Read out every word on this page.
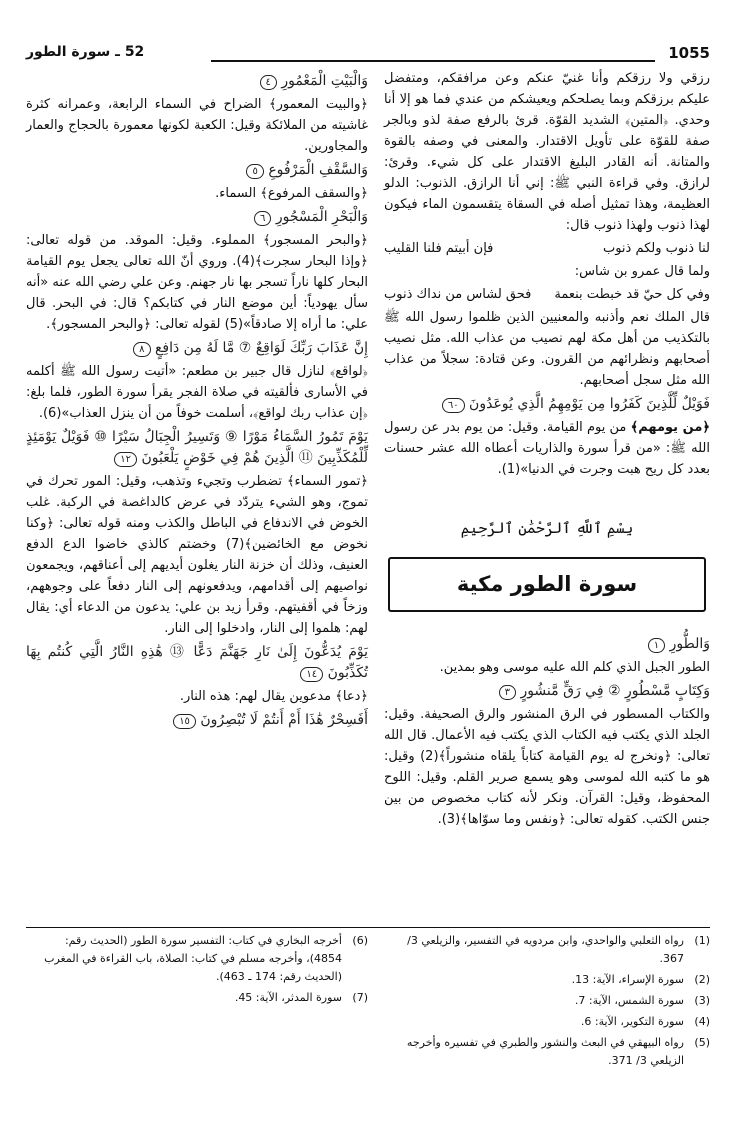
1055
52 ـ سورة الطور

رزقي ولا رزقكم وأنا غنيّ عنكم وعن مرافقكم، ومتفضل عليكم برزقكم وبما يصلحكم ويعيشكم من عندي فما هو إلا أنا وحدي. ﴿المتين﴾ الشديد القوّة. قرئ بالرفع صفة لذو وبالجر صفة للقوّة على تأويل الاقتدار. والمعنى في وصفه بالقوة والمتانة. أنه القادر البليغ الاقتدار على كل شيء. وقرئ: لرازق. وفي قراءة النبي ﷺ: إني أنا الرازق. الذنوب: الدلو العظيمة، وهذا تمثيل أصله في السقاة يتقسمون الماء فيكون لهذا ذنوب ولهذا ذنوب قال:

لنا ذنوب ولكم ذنوب
فإن أبيتم فلنا القليب

ولما قال عمرو بن شاس:

وفي كل حيّ قد خبطت بنعمة
فحق لشاس من نداك ذنوب

قال الملك نعم وأذنبه والمعنيين الذين ظلموا رسول الله ﷺ بالتكذيب من أهل مكة لهم نصيب من عذاب الله. مثل نصيب أصحابهم ونظرائهم من القرون. وعن قتادة: سجلاً من عذاب الله مثل سجل أصحابهم.

فَوَيْلٌ لِّلَّذِينَ كَفَرُوا مِن يَوْمِهِمُ الَّذِي يُوعَدُونَ ٦٠

﴿من يومهم﴾ من يوم القيامة. وقيل: من يوم بدر عن رسول الله ﷺ: «من قرأ سورة والذاريات أعطاه الله عشر حسنات بعدد كل ريح هبت وجرت في الدنيا»(1).

بِسْمِ ٱللَّهِ ٱلرَّحْمَٰنِ ٱلرَّحِيمِ
سورة الطور مكية
وَالطُّورِ ١

الطور الجبل الذي كلم الله عليه موسى وهو بمدين.

وَكِتَابٍ مَّسْطُورٍ ② فِي رَقٍّ مَّنشُورٍ ٣

والكتاب المسطور في الرق المنشور والرق الصحيفة. وقيل: الجلد الذي يكتب فيه الكتاب الذي يكتب فيه الأعمال. قال الله تعالى: ﴿ونخرج له يوم القيامة كتاباً يلقاه منشوراً﴾(2) وقيل: هو ما كتبه الله لموسى وهو يسمع صرير القلم. وقيل: اللوح المحفوظ، وقيل: القرآن. ونكر لأنه كتاب مخصوص من بين جنس الكتب. كقوله تعالى: ﴿ونفس وما سوّاها﴾(3).

وَالْبَيْتِ الْمَعْمُورِ ٤

﴿والبيت المعمور﴾ الضراح في السماء الرابعة، وعمرانه كثرة غاشيته من الملائكة وقيل: الكعبة لكونها معمورة بالحجاج والعمار والمجاورين.

وَالسَّقْفِ الْمَرْفُوعِ ٥

﴿والسقف المرفوع﴾ السماء.

وَالْبَحْرِ الْمَسْجُورِ ٦

﴿والبحر المسجور﴾ المملوء. وقيل: الموقد. من قوله تعالى: ﴿وإذا البحار سجرت﴾(4). وروي أنّ الله تعالى يجعل يوم القيامة البحار كلها ناراً تسجر بها نار جهنم. وعن علي رضي الله عنه «أنه سأل يهودياً: أين موضع النار في كتابكم؟ قال: في البحر. قال علي: ما أراه إلا صادقاً»(5) لقوله تعالى: ﴿والبحر المسجور﴾.

إِنَّ عَذَابَ رَبِّكَ لَوَاقِعٌ ⑦ مَّا لَهُ مِن دَافِعٍ ٨

﴿لواقع﴾ لنازل قال جبير بن مطعم: «أتيت رسول الله ﷺ أكلمه في الأسارى فألقيته في صلاة الفجر يقرأ سورة الطور، فلما بلغ: ﴿إن عذاب ربك لواقع﴾، أسلمت خوفاً من أن ينزل العذاب»(6).

يَوْمَ تَمُورُ السَّمَاءُ مَوْرًا ⑨ وَتَسِيرُ الْجِبَالُ سَيْرًا ⑩ فَوَيْلٌ يَوْمَئِذٍ لِّلْمُكَذِّبِينَ ⑪ الَّذِينَ هُمْ فِي خَوْضٍ يَلْعَبُونَ ١٢

﴿تمور السماء﴾ تضطرب وتجيء وتذهب، وقيل: المور تحرك في تموج، وهو الشيء يتردّد في عرض كالداغصة في الركبة. غلب الخوض في الاندفاع في الباطل والكذب ومنه قوله تعالى: ﴿وكنا نخوض مع الخائضين﴾(7) وخضتم كالذي خاضوا الدع الدفع العنيف، وذلك أن خزنة النار يغلون أيديهم إلى أعناقهم، ويجمعون نواصيهم إلى أقدامهم، ويدفعونهم إلى النار دفعاً على وجوههم، وزخاً في أقفيتهم. وقرأ زيد بن علي: يدعون من الدعاء أي: يقال لهم: هلموا إلى النار، وادخلوا إلى النار.

يَوْمَ يُدَعُّونَ إِلَىٰ نَارِ جَهَنَّمَ دَعًّا ⑬ هَٰذِهِ النَّارُ الَّتِي كُنتُم بِهَا تُكَذِّبُونَ ١٤

﴿دعا﴾ مدعوين يقال لهم: هذه النار.

أَفَسِحْرٌ هَٰذَا أَمْ أَنتُمْ لَا تُبْصِرُونَ ١٥
(1)
رواه الثعلبي والواحدي، وابن مردويه في التفسير، والزيلعي 3/ 367.
(2)
سورة الإسراء، الآية: 13.
(3)
سورة الشمس، الآية: 7.
(4)
سورة التكوير، الآية: 6.
(5)
رواه البيهقي في البعث والنشور والطبري في تفسيره وأخرجه الزيلعي 3/ 371.
(6)
أخرجه البخاري في كتاب: التفسير سورة الطور (الحديث رقم: 4854)، وأخرجه مسلم في كتاب: الصلاة، باب القراءة في المغرب (الحديث رقم: 174 ـ 463).
(7)
سورة المدثر، الآية: 45.
